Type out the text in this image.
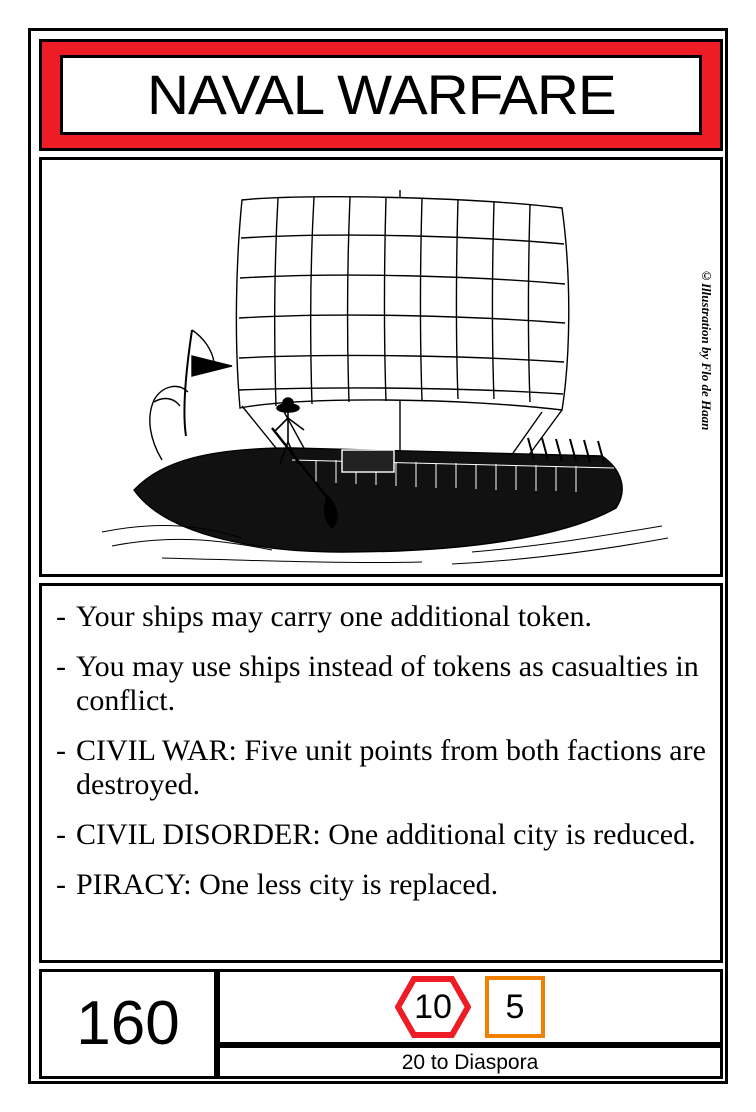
NAVAL WARFARE
©Illustration by Flo de Haan
- Your ships may carry one additional token.
- You may use ships instead of tokens as casualties in conflict.
- CIVIL WAR: Five unit points from both factions are destroyed.
- CIVIL DISORDER: One additional city is reduced.
- PIRACY: One less city is replaced.
160	10 5
20 to Diaspora
